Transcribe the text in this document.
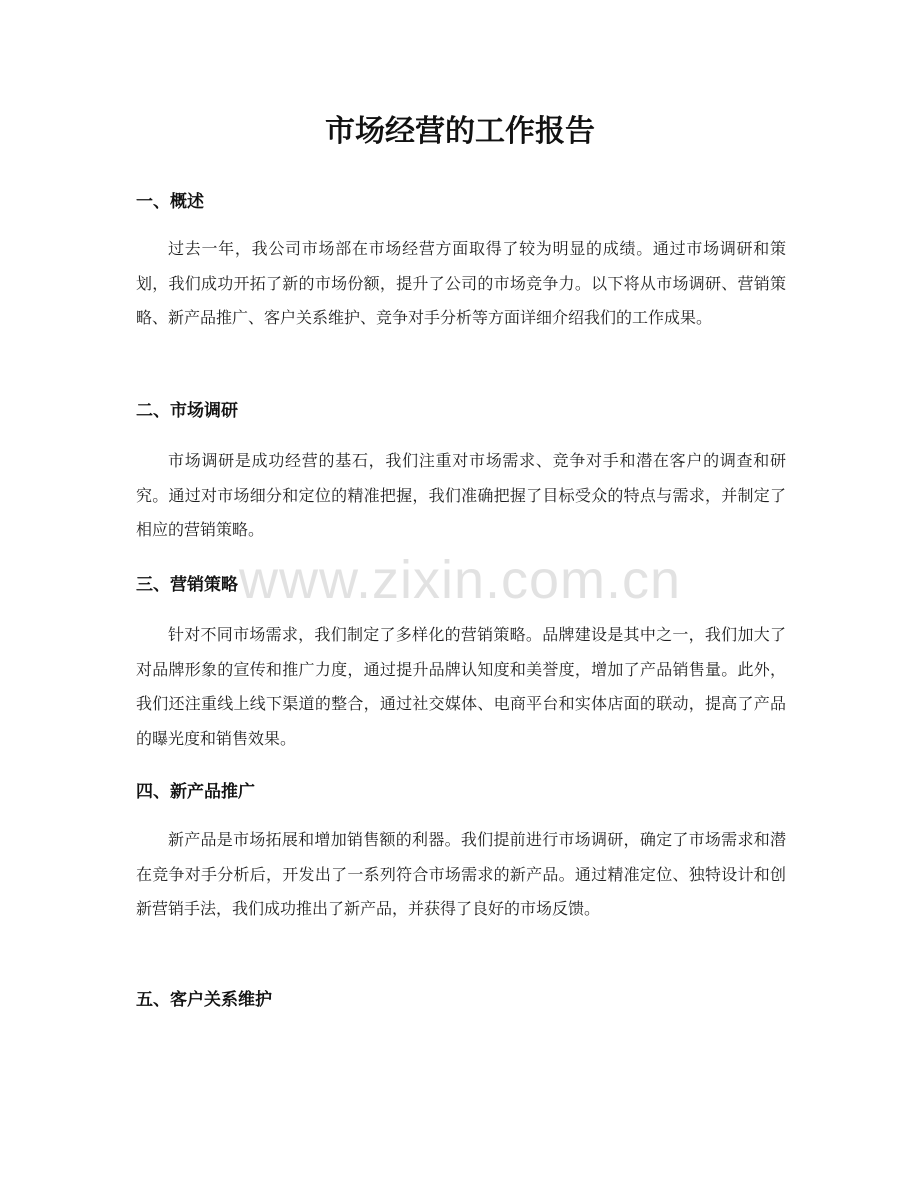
市场经营的工作报告
一、概述

过去一年，我公司市场部在市场经营方面取得了较为明显的成绩。通过市场调研和策划，我们成功开拓了新的市场份额，提升了公司的市场竞争力。以下将从市场调研、营销策略、新产品推广、客户关系维护、竞争对手分析等方面详细介绍我们的工作成果。

二、市场调研

市场调研是成功经营的基石，我们注重对市场需求、竞争对手和潜在客户的调查和研究。通过对市场细分和定位的精准把握，我们准确把握了目标受众的特点与需求，并制定了相应的营销策略。

三、营销策略

针对不同市场需求，我们制定了多样化的营销策略。品牌建设是其中之一，我们加大了对品牌形象的宣传和推广力度，通过提升品牌认知度和美誉度，增加了产品销售量。此外，我们还注重线上线下渠道的整合，通过社交媒体、电商平台和实体店面的联动，提高了产品的曝光度和销售效果。

四、新产品推广

新产品是市场拓展和增加销售额的利器。我们提前进行市场调研，确定了市场需求和潜在竞争对手分析后，开发出了一系列符合市场需求的新产品。通过精准定位、独特设计和创新营销手法，我们成功推出了新产品，并获得了良好的市场反馈。

五、客户关系维护
www.zixin.com.cn
